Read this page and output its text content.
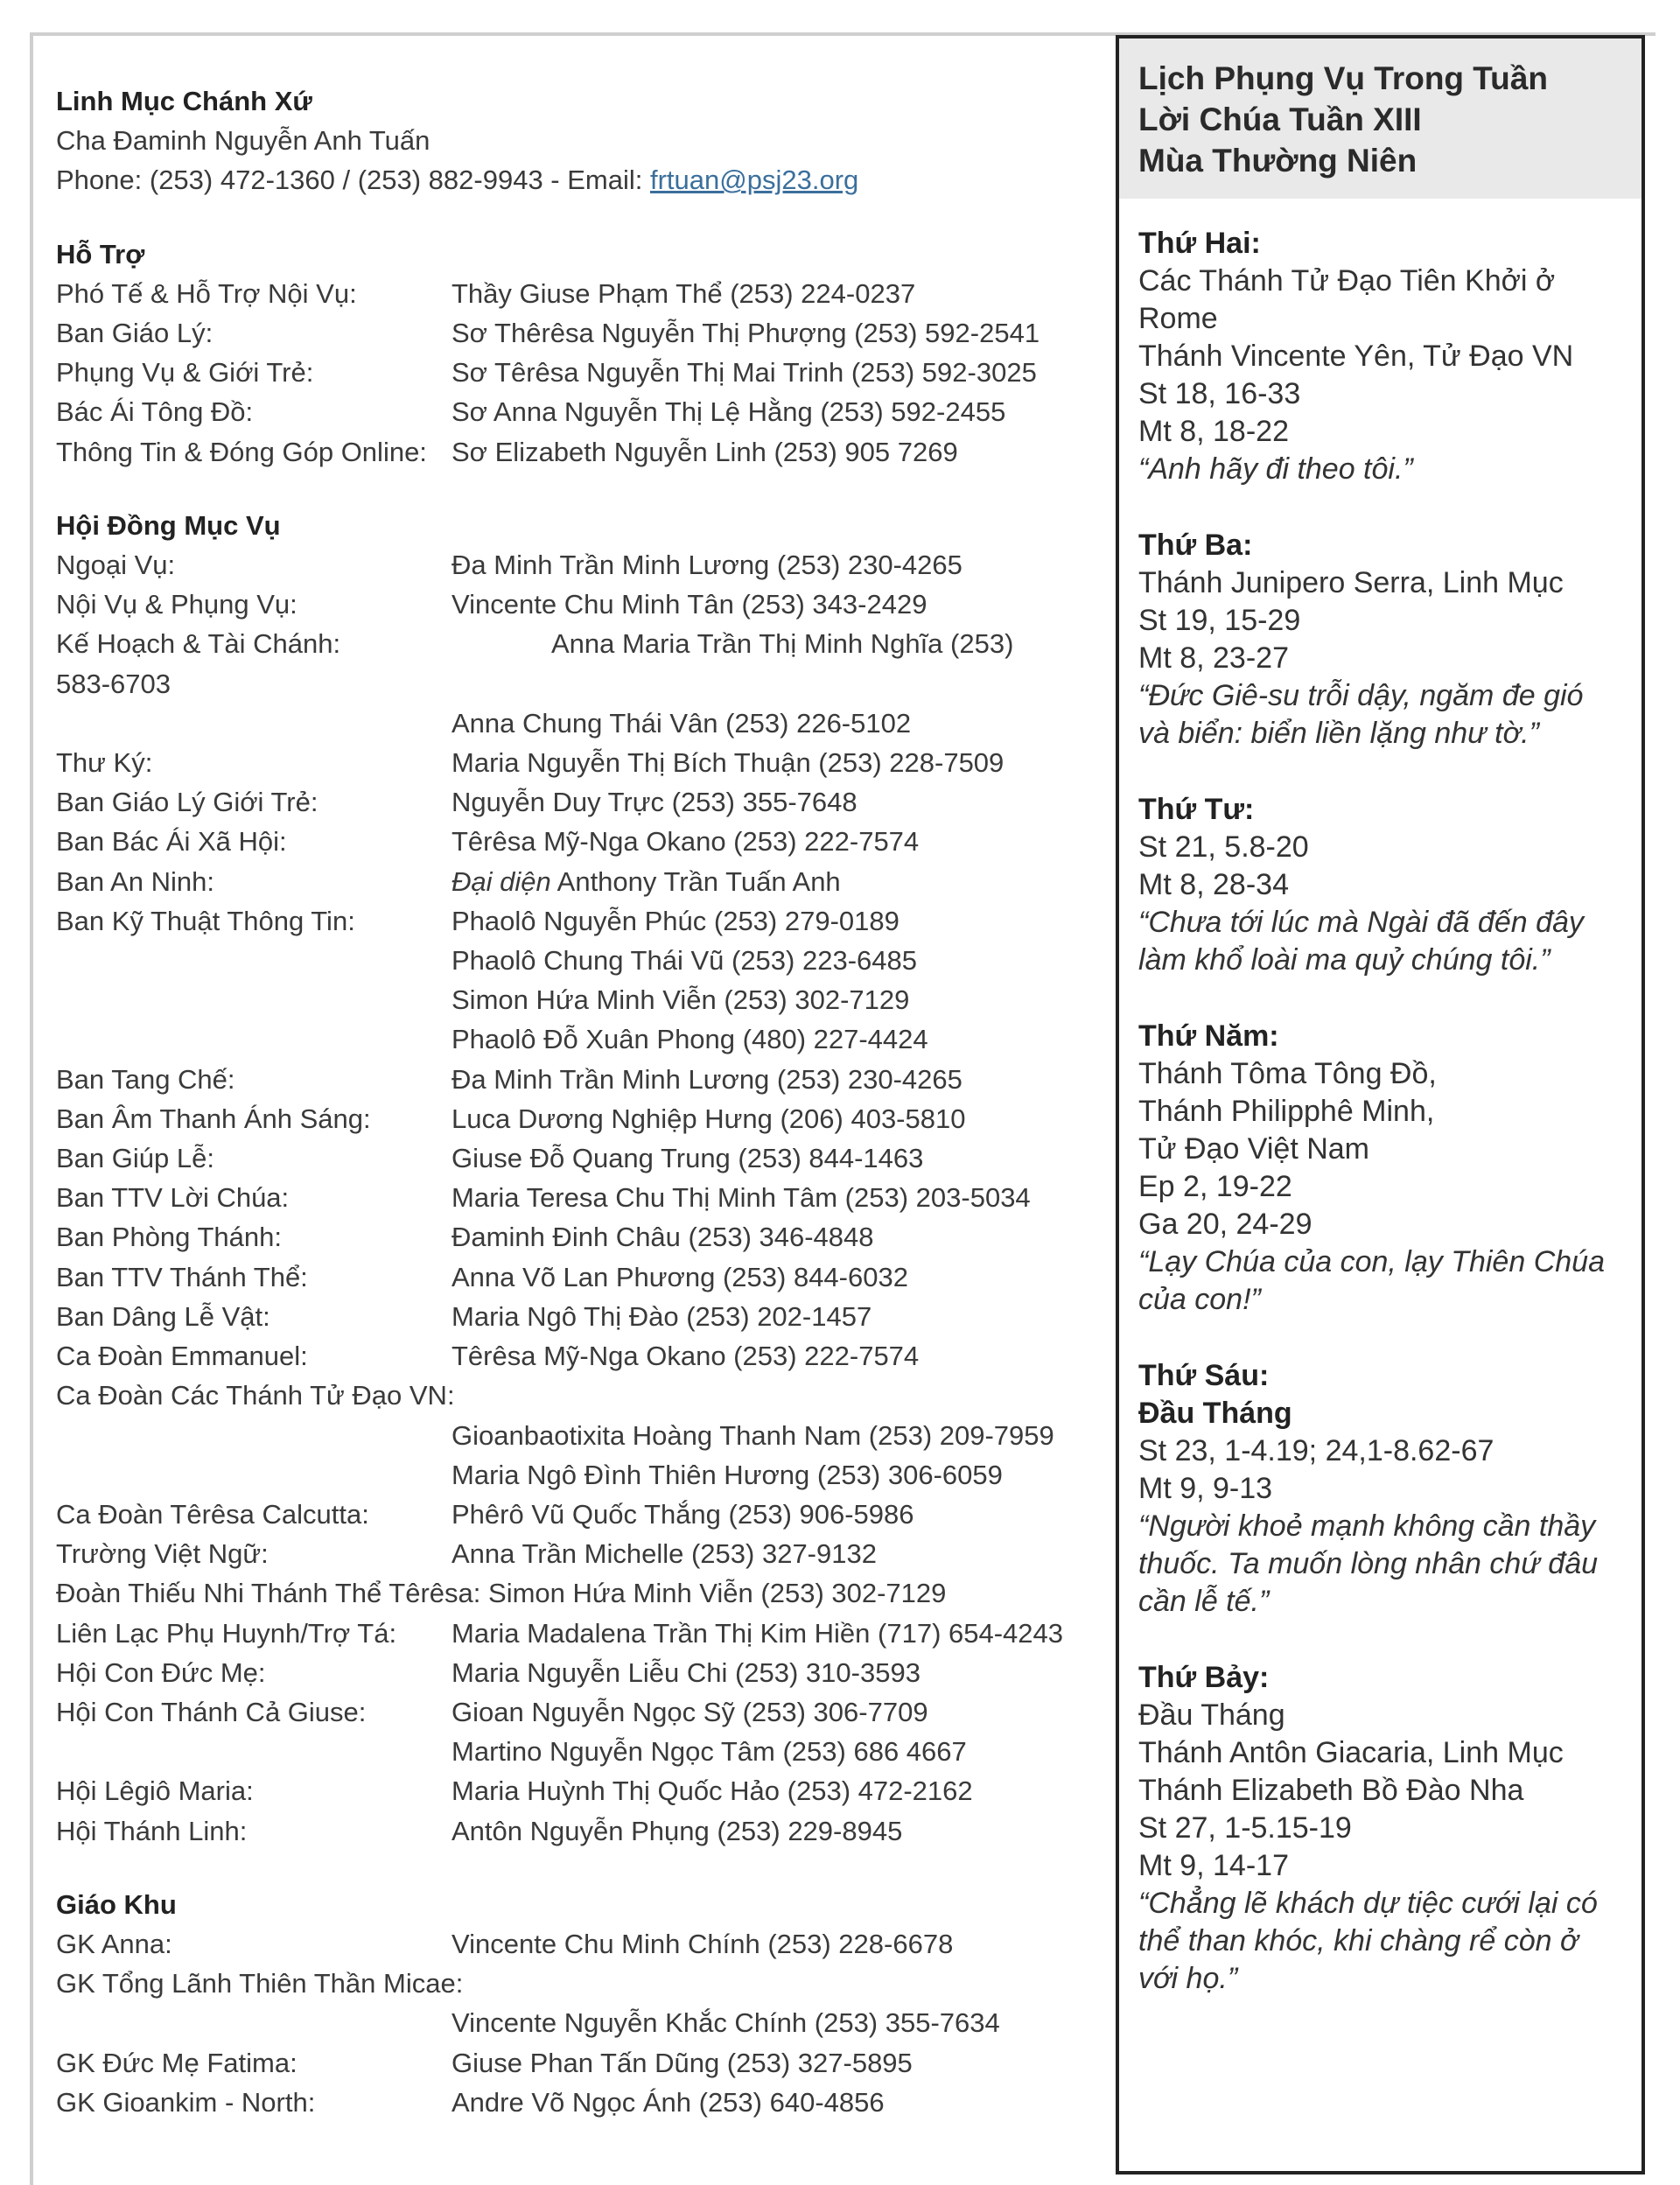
Linh Mục Chánh Xứ
Cha Đaminh Nguyễn Anh Tuấn
Phone: (253) 472-1360 / (253) 882-9943 - Email: frtuan@psj23.org
Hỗ Trợ
Phó Tế & Hỗ Trợ Nội Vụ:	Thầy Giuse Phạm Thể (253) 224-0237
Ban Giáo Lý:	Sơ Thêrêsa Nguyễn Thị Phượng (253) 592-2541
Phụng Vụ & Giới Trẻ:	Sơ Têrêsa Nguyễn Thị Mai Trinh (253) 592-3025
Bác Ái Tông Đồ:	Sơ Anna Nguyễn Thị Lệ Hằng (253) 592-2455
Thông Tin & Đóng Góp Online: Sơ Elizabeth Nguyễn Linh (253) 905 7269
Hội Đồng Mục Vụ
Ngoại Vụ:	Đa Minh Trần Minh Lương (253) 230-4265
Nội Vụ & Phụng Vụ:	Vincente Chu Minh Tân (253) 343-2429
Kế Hoạch & Tài Chánh:	Anna Maria Trần Thị Minh Nghĩa (253)
583-6703
Anna Chung Thái Vân (253) 226-5102
Thư Ký:	Maria Nguyễn Thị Bích Thuận (253) 228-7509
Ban Giáo Lý Giới Trẻ:	Nguyễn Duy Trực (253) 355-7648
Ban Bác Ái Xã Hội:	Têrêsa Mỹ-Nga Okano (253) 222-7574
Ban An Ninh:	Đại diện Anthony Trần Tuấn Anh
Ban Kỹ Thuật Thông Tin:	Phaolô Nguyễn Phúc (253) 279-0189
Phaolô Chung Thái Vũ (253) 223-6485
Simon Hứa Minh Viễn (253) 302-7129
Phaolô Đỗ Xuân Phong (480) 227-4424
Ban Tang Chế:	Đa Minh Trần Minh Lương (253) 230-4265
Ban Âm Thanh Ánh Sáng:	Luca Dương Nghiệp Hưng (206) 403-5810
Ban Giúp Lễ:	Giuse Đỗ Quang Trung (253) 844-1463
Ban TTV Lời Chúa:	Maria Teresa Chu Thị Minh Tâm (253) 203-5034
Ban Phòng Thánh:	Đaminh Đinh Châu (253) 346-4848
Ban TTV Thánh Thể:	Anna Võ Lan Phương (253) 844-6032
Ban Dâng Lễ Vật:	Maria Ngô Thị Đào (253) 202-1457
Ca Đoàn Emmanuel:	Têrêsa Mỹ-Nga Okano (253) 222-7574
Ca Đoàn Các Thánh Tử Đạo VN:
Gioanbaotixita Hoàng Thanh Nam (253) 209-7959
Maria Ngô Đình Thiên Hương (253) 306-6059
Ca Đoàn Têrêsa Calcutta:	Phêrô Vũ Quốc Thắng (253) 906-5986
Trường Việt Ngữ:	Anna Trần Michelle (253) 327-9132
Đoàn Thiếu Nhi Thánh Thể Têrêsa: Simon Hứa Minh Viễn (253) 302-7129
Liên Lạc Phụ Huynh/Trợ Tá:	Maria Madalena Trần Thị Kim Hiền (717) 654-4243
Hội Con Đức Mẹ:	Maria Nguyễn Liễu Chi (253) 310-3593
Hội Con Thánh Cả Giuse:	Gioan Nguyễn Ngọc Sỹ (253) 306-7709
Martino Nguyễn Ngọc Tâm (253) 686 4667
Hội Lêgiô Maria:	Maria Huỳnh Thị Quốc Hảo (253) 472-2162
Hội Thánh Linh:	Antôn Nguyễn Phụng (253) 229-8945
Giáo Khu
GK Anna:	Vincente Chu Minh Chính (253) 228-6678
GK Tổng Lãnh Thiên Thần Micae:
Vincente Nguyễn Khắc Chính (253) 355-7634
GK Đức Mẹ Fatima:	Giuse Phan Tấn Dũng (253) 327-5895
GK Gioankim - North:	Andre Võ Ngọc Ánh (253) 640-4856
Lịch Phụng Vụ Trong Tuần
Lời Chúa Tuần XIII
Mùa Thường Niên
Thứ Hai:
Các Thánh Tử Đạo Tiên Khởi ở Rome
Thánh Vincente Yên, Tử Đạo VN
St 18, 16-33
Mt 8, 18-22
“Anh hãy đi theo tôi.”
Thứ Ba:
Thánh Junipero Serra, Linh Mục
St 19, 15-29
Mt 8, 23-27
“Đức Giê-su trỗi dậy, ngăm đe gió và biển: biển liền lặng như tờ.”
Thứ Tư:
St 21, 5.8-20
Mt 8, 28-34
“Chưa tới lúc mà Ngài đã đến đây làm khổ loài ma quỷ chúng tôi.”
Thứ Năm:
Thánh Tôma Tông Đồ,
Thánh Philipphê Minh,
Tử Đạo Việt Nam
Ep 2, 19-22
Ga 20, 24-29
“Lạy Chúa của con, lạy Thiên Chúa của con!”
Thứ Sáu:
Đầu Tháng
St 23, 1-4.19; 24,1-8.62-67
Mt 9, 9-13
“Người khoẻ mạnh không cần thầy thuốc. Ta muốn lòng nhân chứ đâu cần lễ tế.”
Thứ Bảy:
Đầu Tháng
Thánh Antôn Giacaria, Linh Mục
Thánh Elizabeth Bồ Đào Nha
St 27, 1-5.15-19
Mt 9, 14-17
“Chẳng lẽ khách dự tiệc cưới lại có thể than khóc, khi chàng rể còn ở với họ.”
